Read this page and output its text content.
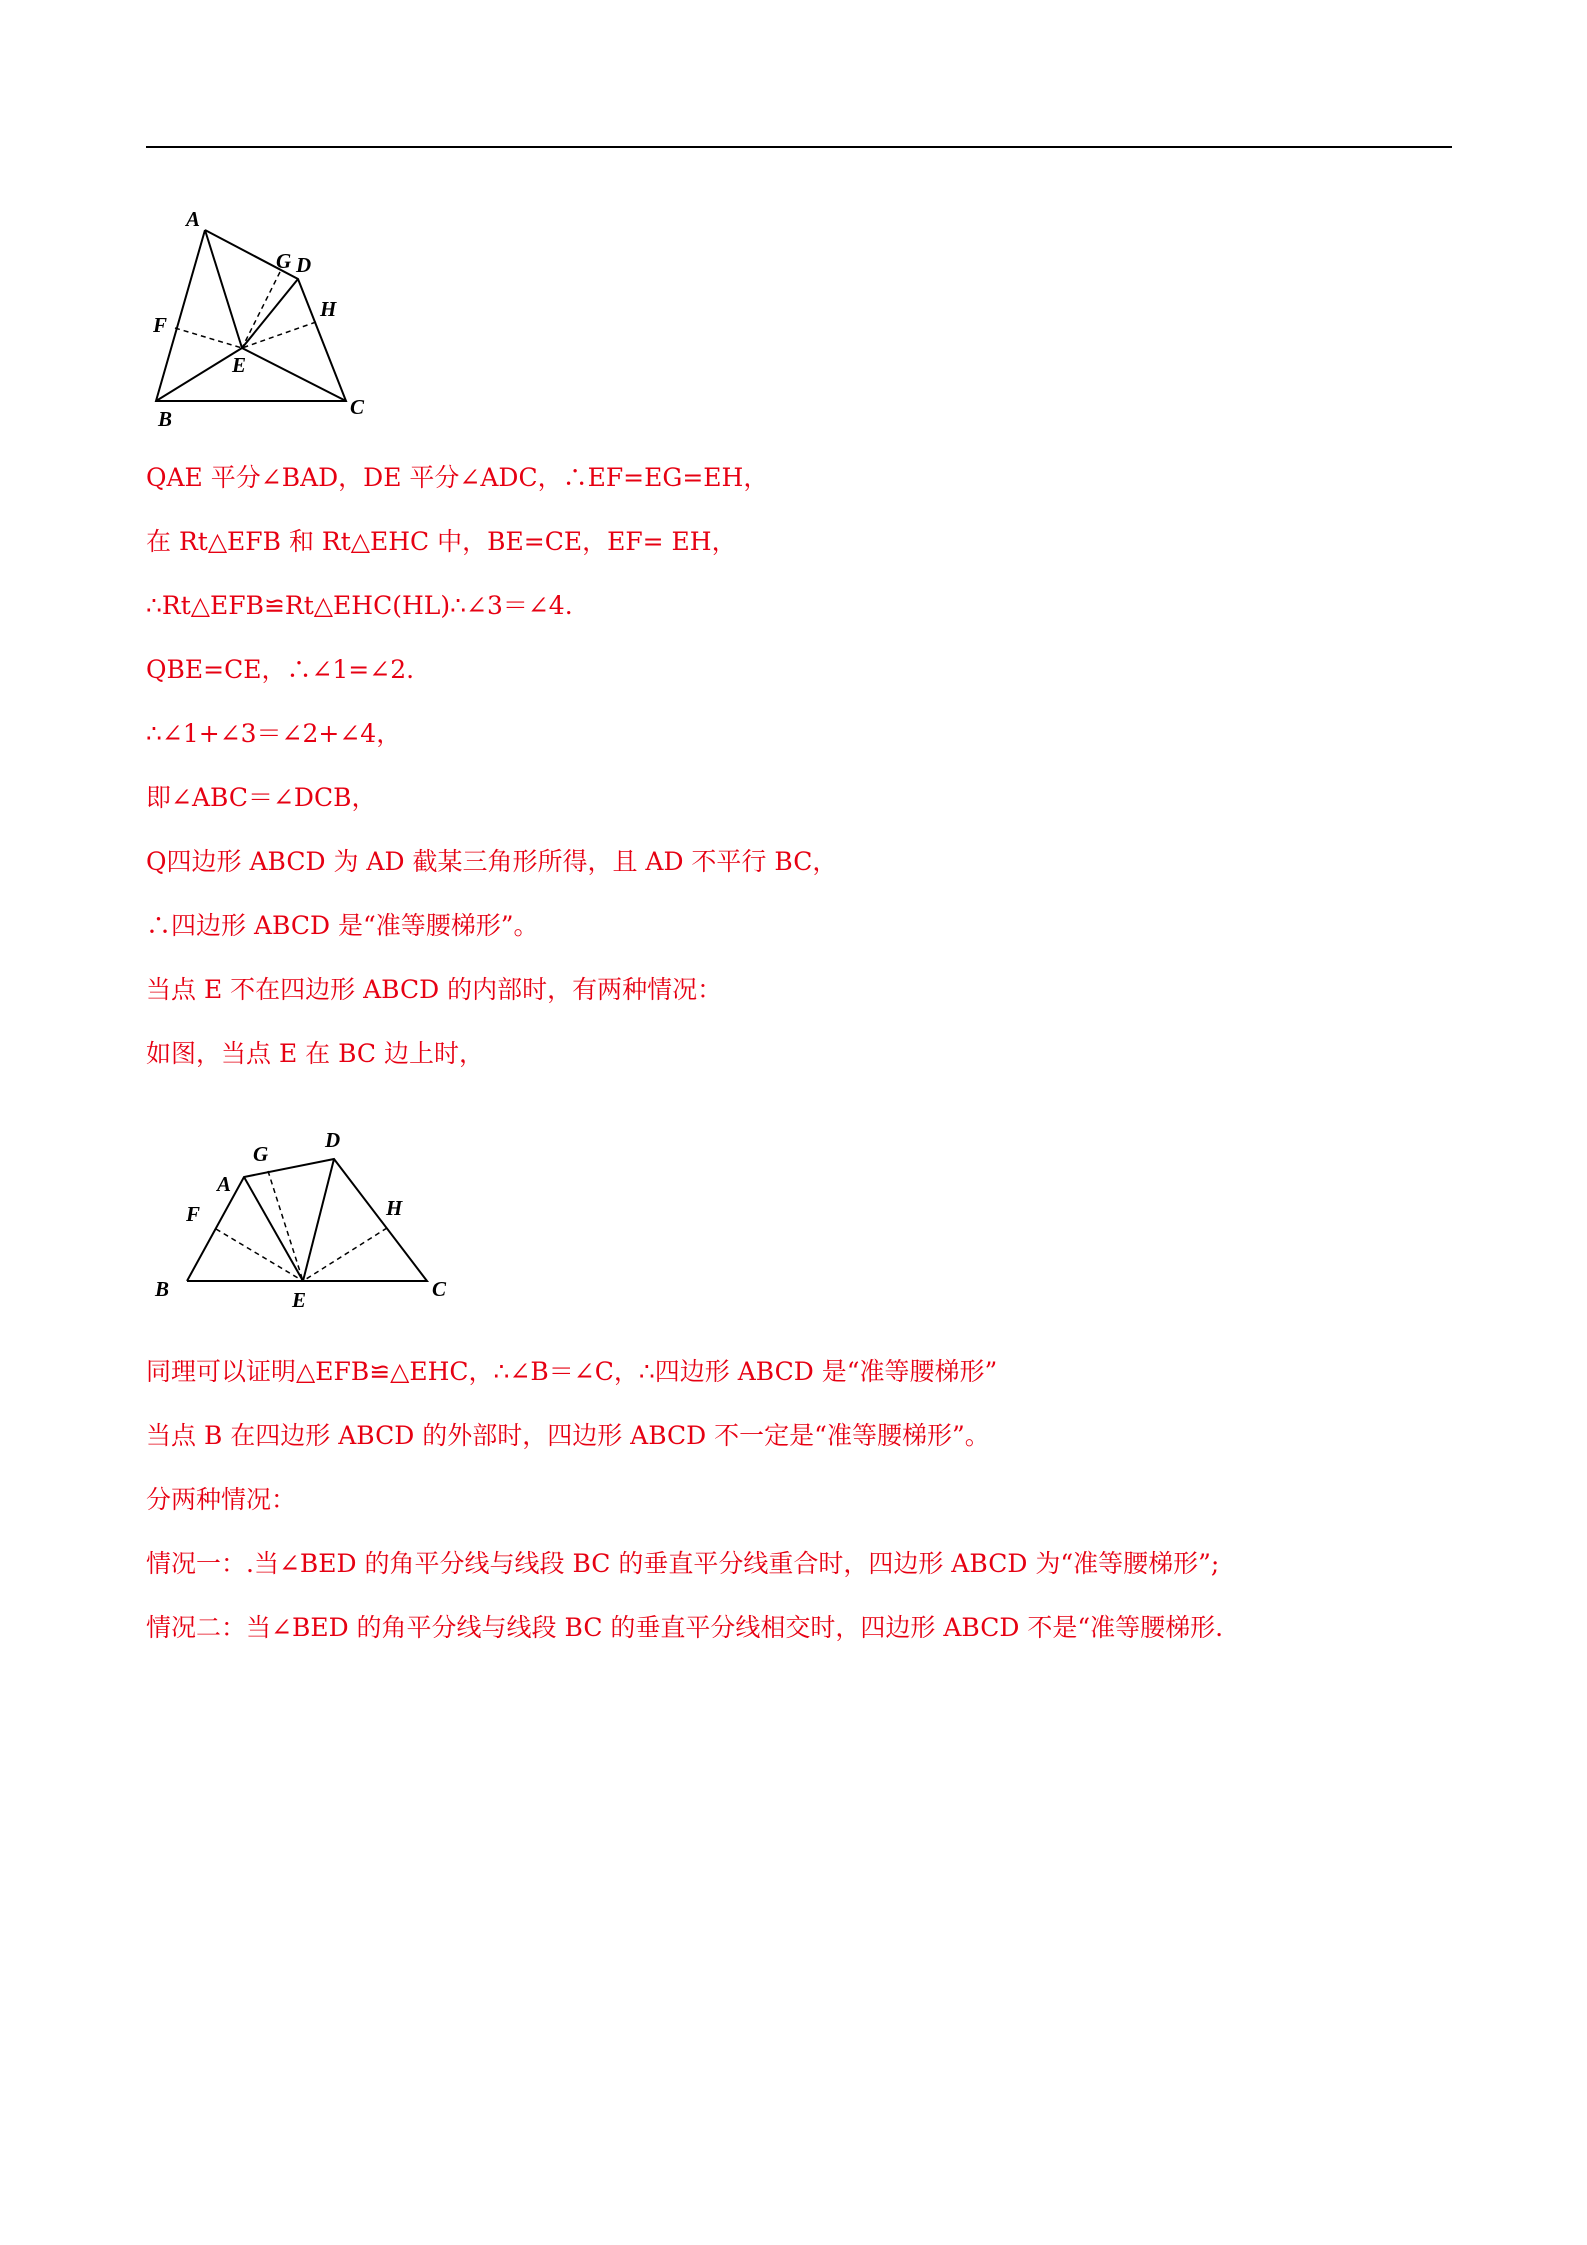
A
G D
H
F
E
B	C
QAE 平分∠BAD，DE 平分∠ADC，∴EF=EG=EH，
在 Rt△EFB 和 Rt△EHC 中，BE=CE，EF= EH，
∴Rt△EFB≌Rt△EHC(HL)∴∠3＝∠4.
QBE=CE，∴∠1=∠2.
∴∠1+∠3＝∠2+∠4，
即∠ABC＝∠DCB，
Q四边形 ABCD 为 AD 截某三角形所得，且 AD 不平行 BC，
∴四边形 ABCD 是“准等腰梯形”。
当点 E 不在四边形 ABCD 的内部时，有两种情况：
如图，当点 E 在 BC 边上时，
A
G
D
H
F
E
B	C
同理可以证明△EFB≌△EHC，∴∠B＝∠C，∴四边形 ABCD 是“准等腰梯形”
当点 B 在四边形 ABCD 的外部时，四边形 ABCD 不一定是“准等腰梯形”。
分两种情况：
情况一：.当∠BED 的角平分线与线段 BC 的垂直平分线重合时，四边形 ABCD 为“准等腰梯形”;
情况二：当∠BED 的角平分线与线段 BC 的垂直平分线相交时，四边形 ABCD 不是“准等腰梯形.
